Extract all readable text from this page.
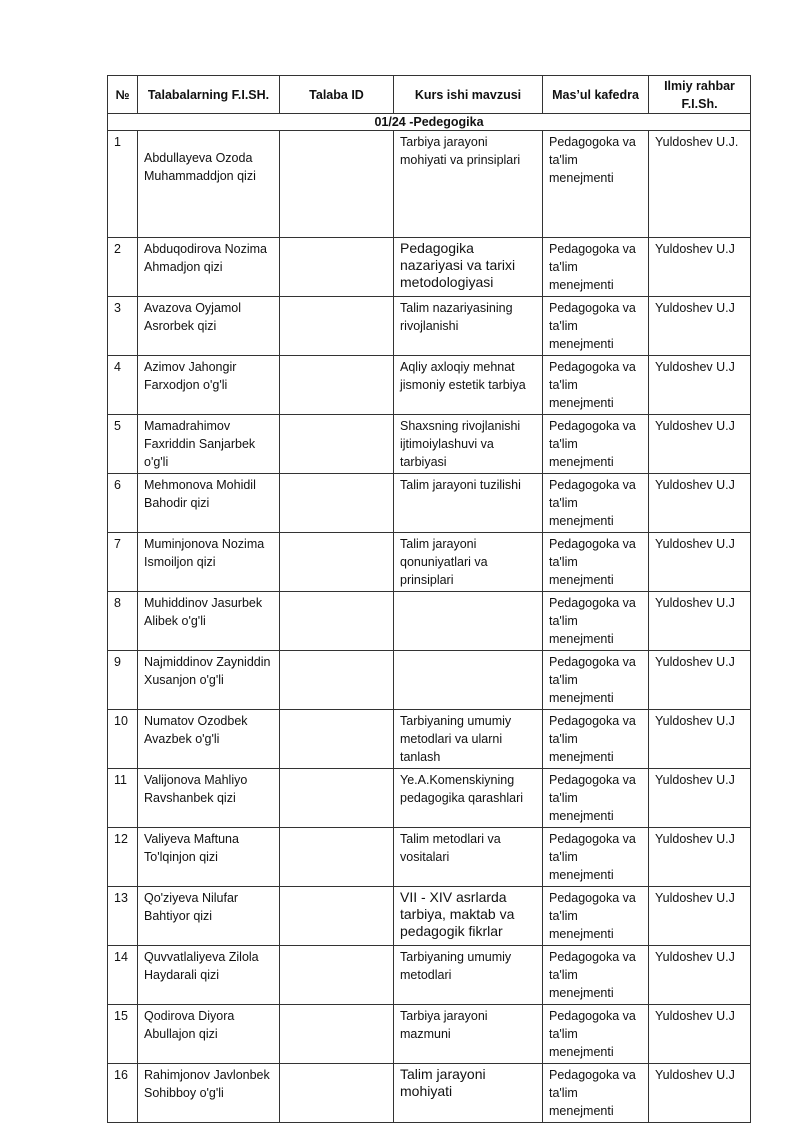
№	Talabalarning F.I.SH.	Talaba ID	Kurs ishi mavzusi	Mas’ul kafedra	Ilmiy rahbar F.I.Sh.
01/24 -Pedegogika					
1	Abdullayeva Ozoda Muhammaddjon qizi		Tarbiya jarayoni mohiyati va prinsiplari	Pedagogoka va ta'lim menejmenti	Yuldoshev U.J.
2	Abduqodirova Nozima Ahmadjon qizi		Pedagogika nazariyasi va tarixi metodologiyasi	Pedagogoka va ta'lim menejmenti	Yuldoshev U.J
3	Avazova Oyjamol Asrorbek qizi		Talim nazariyasining rivojlanishi	Pedagogoka va ta'lim menejmenti	Yuldoshev U.J
4	Azimov Jahongir Farxodjon o'g'li		Aqliy axloqiy mehnat jismoniy estetik tarbiya	Pedagogoka va ta'lim menejmenti	Yuldoshev U.J
5	Mamadrahimov Faxriddin Sanjarbek o'g'li		Shaxsning rivojlanishi ijtimoiylashuvi va tarbiyasi	Pedagogoka va ta'lim menejmenti	Yuldoshev U.J
6	Mehmonova Mohidil Bahodir qizi		Talim jarayoni tuzilishi	Pedagogoka va ta'lim menejmenti	Yuldoshev U.J
7	Muminjonova Nozima Ismoiljon qizi		Talim jarayoni qonuniyatlari va prinsiplari	Pedagogoka va ta'lim menejmenti	Yuldoshev U.J
8	Muhiddinov Jasurbek Alibek o'g'li			Pedagogoka va ta'lim menejmenti	Yuldoshev U.J
9	Najmiddinov Zayniddin Xusanjon o'g'li			Pedagogoka va ta'lim menejmenti	Yuldoshev U.J
10	Numatov Ozodbek Avazbek o'g'li		Tarbiyaning umumiy metodlari va ularni tanlash	Pedagogoka va ta'lim menejmenti	Yuldoshev U.J
11	Valijonova Mahliyo Ravshanbek qizi		Ye.A.Komenskiyning pedagogika qarashlari	Pedagogoka va ta'lim menejmenti	Yuldoshev U.J
12	Valiyeva Maftuna To'lqinjon qizi		Talim metodlari va vositalari	Pedagogoka va ta'lim menejmenti	Yuldoshev U.J
13	Qo'ziyeva Nilufar Bahtiyor qizi		VII - XIV asrlarda tarbiya, maktab va pedagogik fikrlar	Pedagogoka va ta'lim menejmenti	Yuldoshev U.J
14	Quvvatlaliyeva Zilola Haydarali qizi		Tarbiyaning umumiy metodlari	Pedagogoka va ta'lim menejmenti	Yuldoshev U.J
15	Qodirova Diyora Abullajon qizi		Tarbiya jarayoni mazmuni	Pedagogoka va ta'lim menejmenti	Yuldoshev U.J
16	Rahimjonov Javlonbek Sohibboy o'g'li		Talim jarayoni mohiyati	Pedagogoka va ta'lim menejmenti	Yuldoshev U.J
